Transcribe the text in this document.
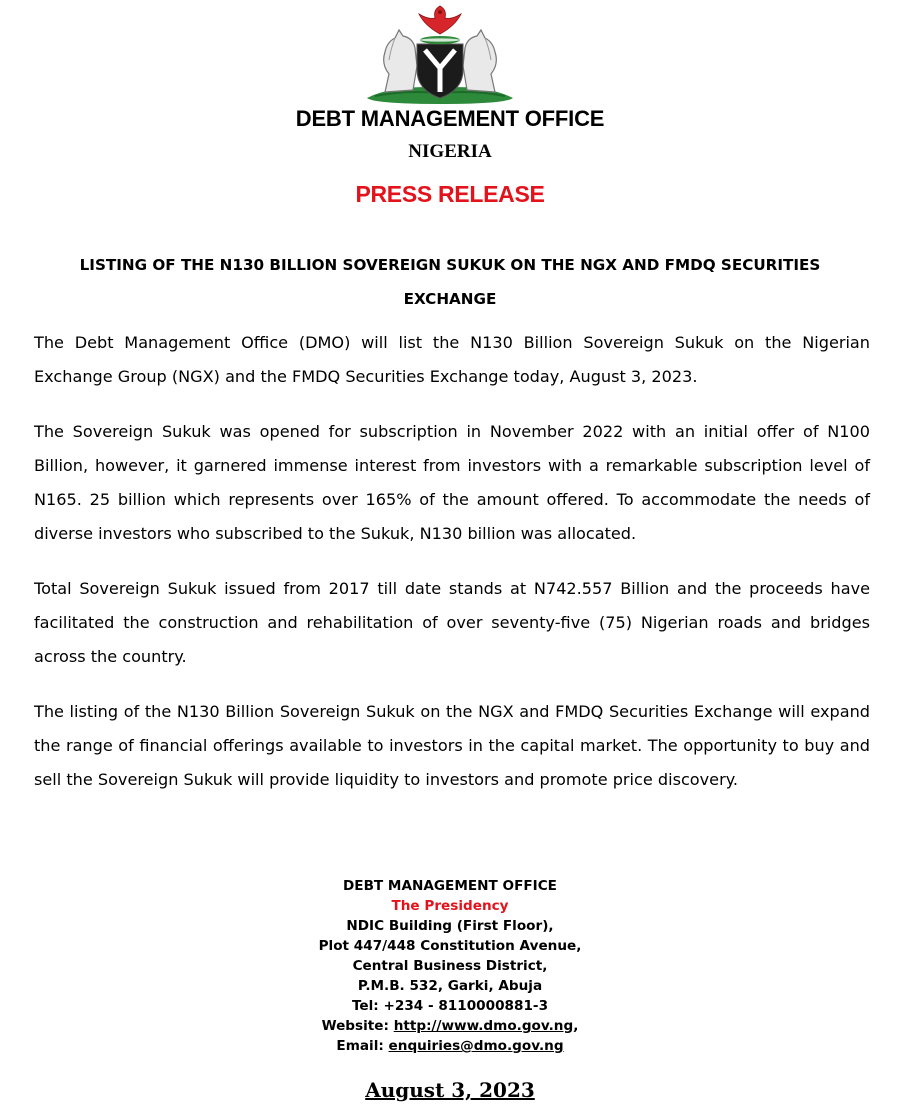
DEBT MANAGEMENT OFFICE
NIGERIA
PRESS RELEASE
LISTING OF THE N130 BILLION SOVEREIGN SUKUK ON THE NGX AND FMDQ SECURITIES EXCHANGE

The Debt Management Office (DMO) will list the N130 Billion Sovereign Sukuk on the Nigerian Exchange Group (NGX) and the FMDQ Securities Exchange today, August 3, 2023.

The Sovereign Sukuk was opened for subscription in November 2022 with an initial offer of N100 Billion, however, it garnered immense interest from investors with a remarkable subscription level of N165. 25 billion which represents over 165% of the amount offered. To accommodate the needs of diverse investors who subscribed to the Sukuk, N130 billion was allocated.

Total Sovereign Sukuk issued from 2017 till date stands at N742.557 Billion and the proceeds have facilitated the construction and rehabilitation of over seventy-five (75) Nigerian roads and bridges across the country.

The listing of the N130 Billion Sovereign Sukuk on the NGX and FMDQ Securities Exchange will expand the range of financial offerings available to investors in the capital market. The opportunity to buy and sell the Sovereign Sukuk will provide liquidity to investors and promote price discovery.

DEBT MANAGEMENT OFFICE
The Presidency
NDIC Building (First Floor),
Plot 447/448 Constitution Avenue,
Central Business District,
P.M.B. 532, Garki, Abuja
Tel: +234 - 8110000881-3
Website: http://www.dmo.gov.ng,
Email: enquiries@dmo.gov.ng
August 3, 2023
